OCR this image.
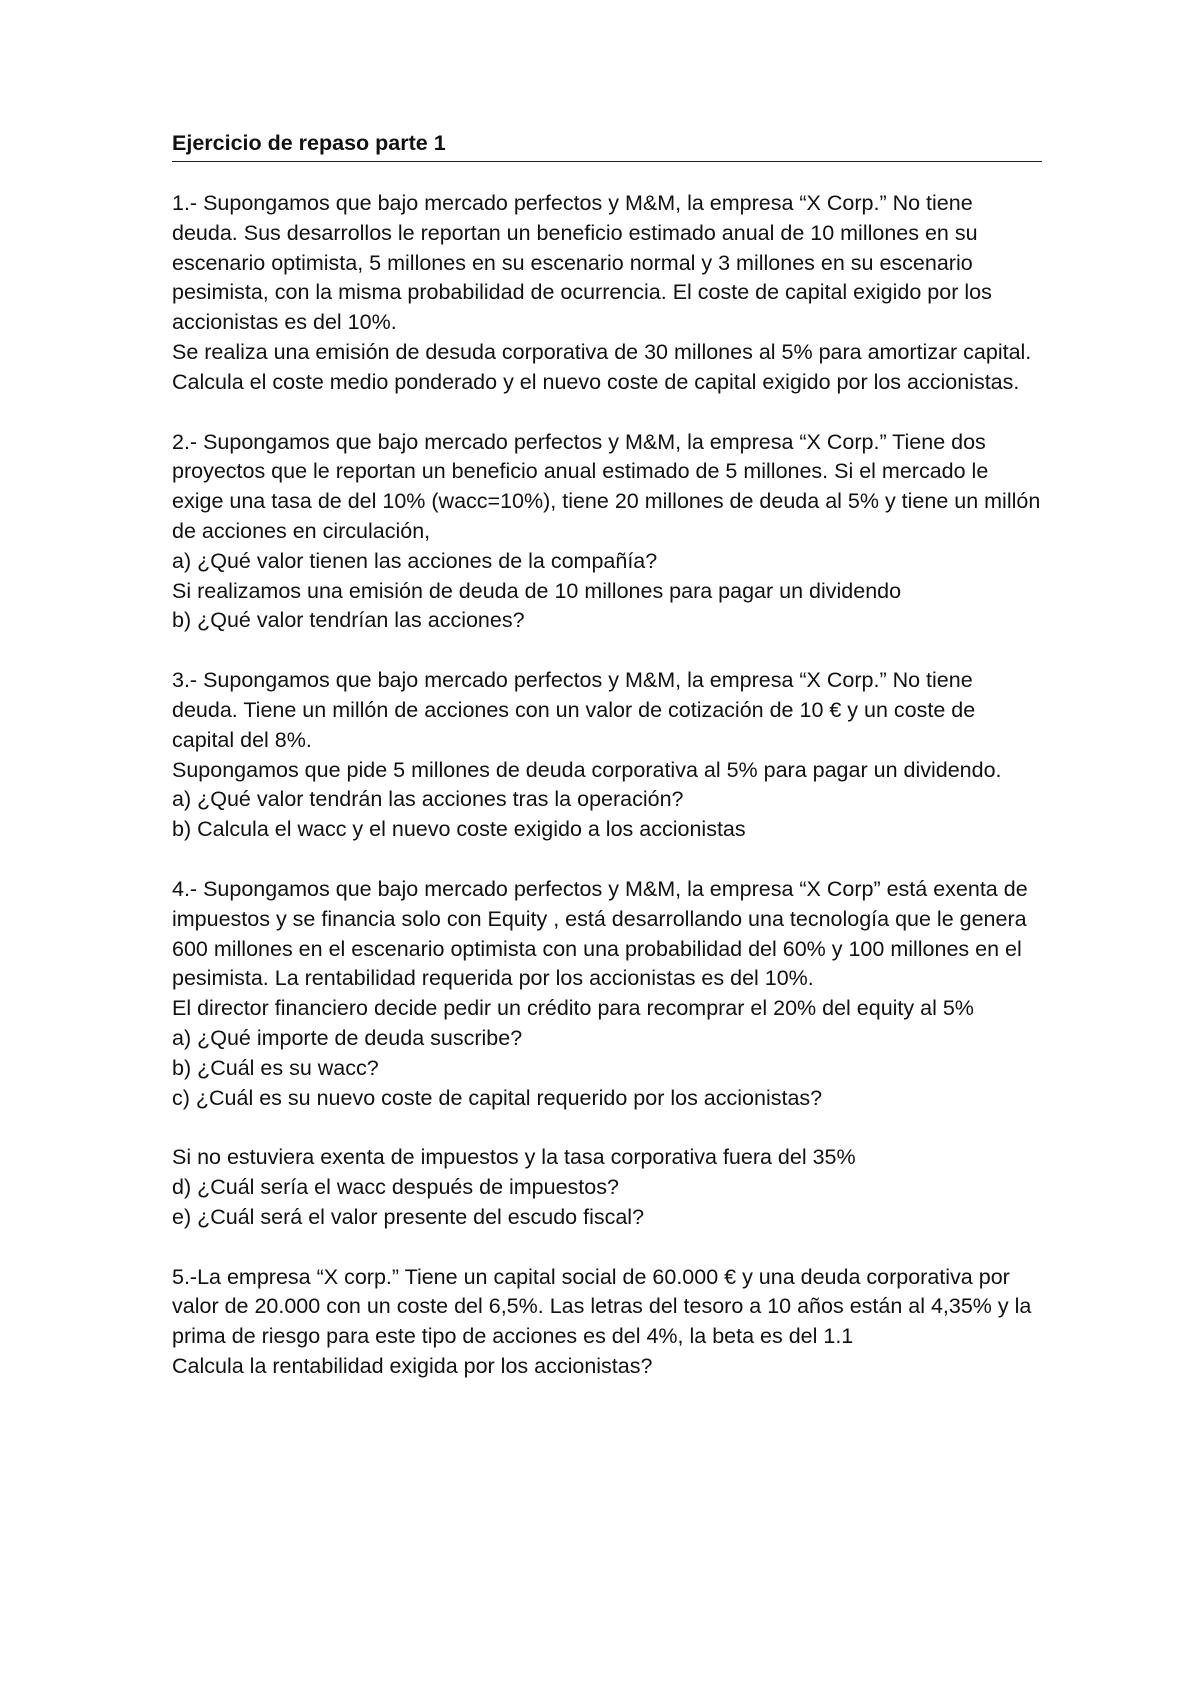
Ejercicio de repaso parte 1
1.- Supongamos que bajo mercado perfectos y M&M, la empresa “X Corp.” No tiene deuda. Sus desarrollos le reportan un beneficio estimado anual de 10 millones en su escenario optimista, 5 millones en su escenario normal y 3 millones en su escenario pesimista, con la misma probabilidad de ocurrencia. El coste de capital exigido por los accionistas es del 10%.
Se realiza una emisión de desuda corporativa de 30 millones al 5% para amortizar capital.
Calcula el coste medio ponderado y el nuevo coste de capital exigido por los accionistas.
2.- Supongamos que bajo mercado perfectos y M&M, la empresa “X Corp.” Tiene dos proyectos que le reportan un beneficio anual estimado de 5 millones. Si el mercado le exige una tasa de del 10% (wacc=10%), tiene 20 millones de deuda al 5% y tiene un millón de acciones en circulación,
a) ¿Qué valor tienen las acciones de la compañía?
Si realizamos una emisión de deuda de 10 millones para pagar un dividendo
b) ¿Qué valor tendrían las acciones?
3.- Supongamos que bajo mercado perfectos y M&M, la empresa “X Corp.” No tiene deuda. Tiene un millón de acciones con un valor de cotización de 10 € y un coste de capital del 8%.
Supongamos que pide 5 millones de deuda corporativa al 5% para pagar un dividendo.
a) ¿Qué valor tendrán las acciones tras la operación?
b) Calcula el wacc y el nuevo coste exigido a los accionistas
4.- Supongamos que bajo mercado perfectos y M&M, la empresa “X Corp” está exenta de impuestos y se financia solo con Equity , está desarrollando una tecnología que le genera 600 millones en el escenario optimista con una probabilidad del 60% y 100 millones en el pesimista. La rentabilidad requerida por los accionistas es del 10%.
El director financiero decide pedir un crédito para recomprar el 20% del equity al 5%
a) ¿Qué importe de deuda suscribe?
b) ¿Cuál es su wacc?
c) ¿Cuál es su nuevo coste de capital requerido por los accionistas?
Si no estuviera exenta de impuestos y la tasa corporativa fuera del 35%
d) ¿Cuál sería el wacc después de impuestos?
e) ¿Cuál será el valor presente del escudo fiscal?
5.-La empresa “X corp.” Tiene un capital social de 60.000 € y una deuda corporativa por valor de 20.000 con un coste del 6,5%. Las letras del tesoro a 10 años están al 4,35% y la prima de riesgo para este tipo de acciones es del 4%, la beta es del 1.1
Calcula la rentabilidad exigida por los accionistas?
